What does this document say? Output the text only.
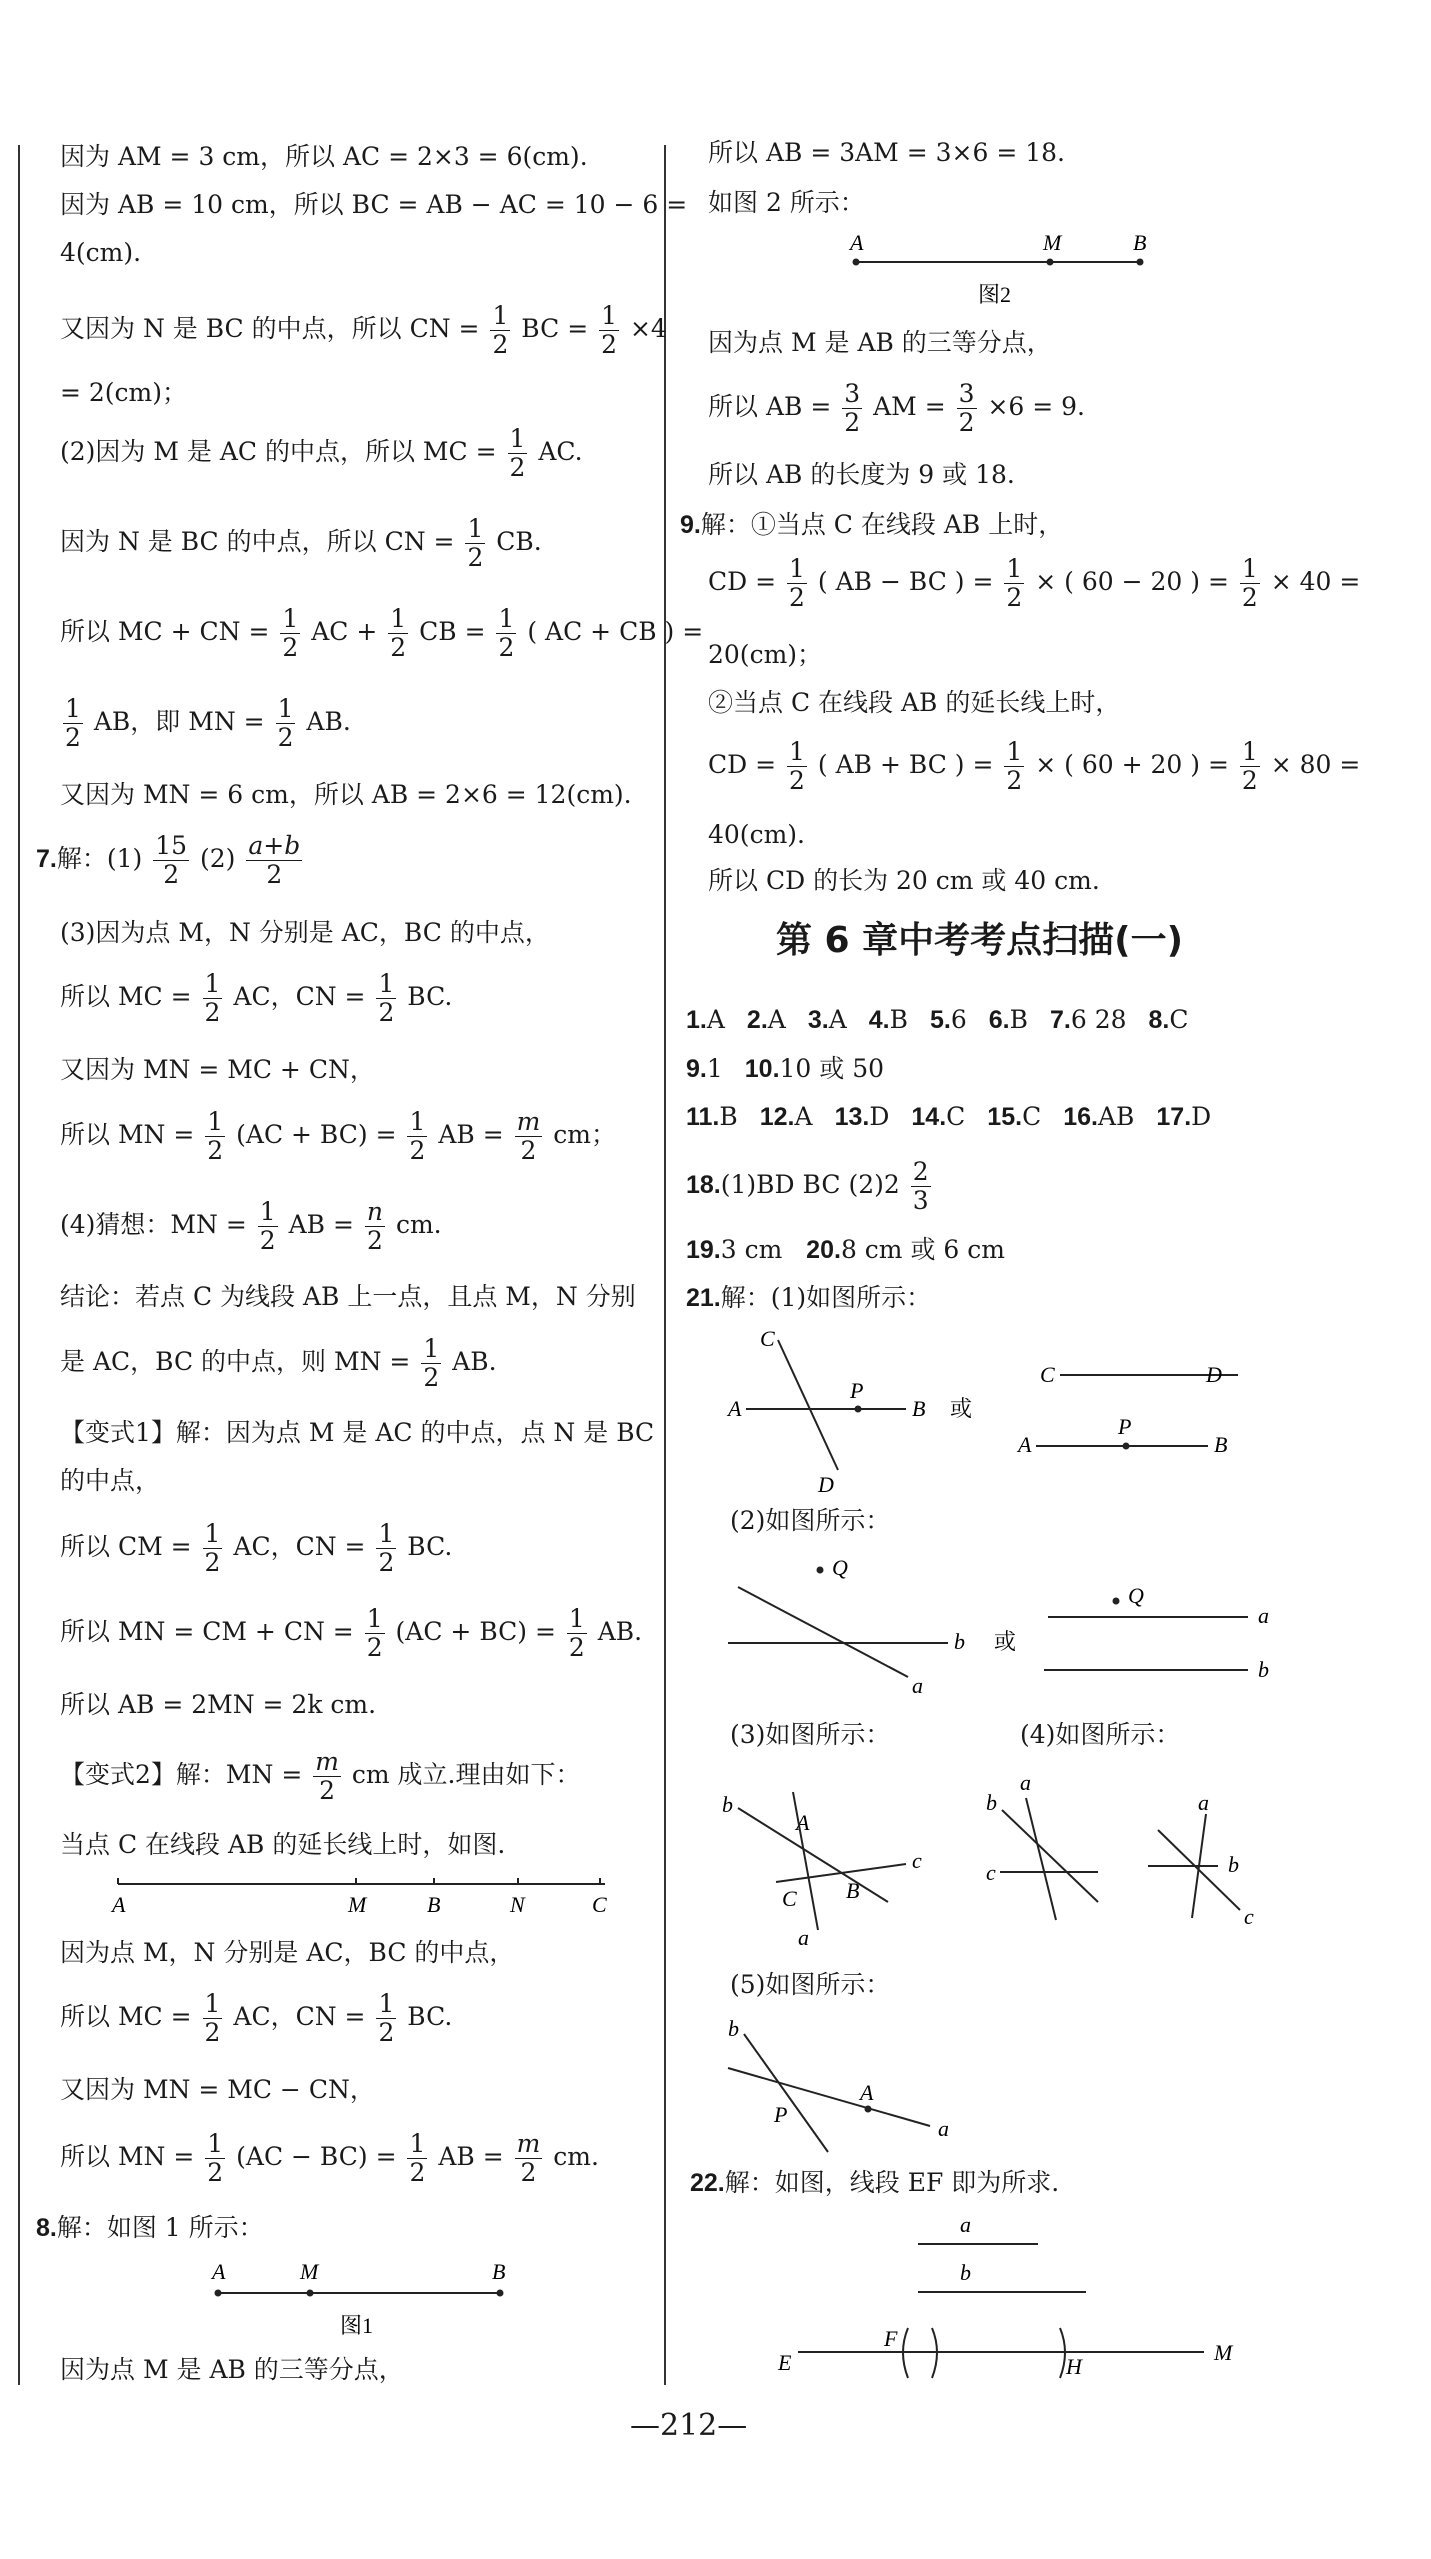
因为 AM = 3 cm，所以 AC = 2×3 = 6(cm).
因为 AB = 10 cm，所以 BC = AB − AC = 10 − 6 =
4(cm).
又因为 N 是 BC 的中点，所以 CN = $\frac{1}{2}$ BC = $\frac{1}{2} \times 4$
= 2(cm)；
(2)因为 M 是 AC 的中点，所以 MC = $\frac{1}{2}$ AC.
因为 N 是 BC 的中点，所以 CN = $\frac{1}{2}$ CB.
所以 MC + CN = $\frac{1}{2}$ AC + $\frac{1}{2}$ CB = $\frac{1}{2}$ ( AC + CB ) =
$\frac{1}{2}$ AB，即 MN = $\frac{1}{2}$ AB.
又因为 MN = 6 cm，所以 AB = 2×6 = 12(cm).
7.解：$(1) \frac{15}{2} (2) \frac{a+b}{2}$
(3)因为点 M，N 分别是 AC，BC 的中点，
所以 MC = $\frac{1}{2}$ AC，CN = $\frac{1}{2}$ BC.
又因为 MN = MC + CN，
所以 MN = $\frac{1}{2} (AC + BC) = \frac{1}{2}$ AB = $\frac{m}{2}$ cm；
(4)猜想：MN = $\frac{1}{2}$ AB = $\frac{n}{2}$ cm.
结论：若点 C 为线段 AB 上一点，且点 M，N 分别
是 AC，BC 的中点，则 MN = $\frac{1}{2}$ AB.
【变式1】解：因为点 M 是 AC 的中点，点 N 是 BC
的中点，
所以 CM = $\frac{1}{2}$ AC，CN = $\frac{1}{2}$ BC.
所以 MN = CM + CN = $\frac{1}{2} (AC + BC) = \frac{1}{2}$ AB.
所以 AB = 2MN = 2k cm.
【变式2】解：MN = $\frac{m}{2}$ cm 成立.理由如下：
当点 C 在线段 AB 的延长线上时，如图.
A	M	B	N	C
因为点 M，N 分别是 AC，BC 的中点，
所以 MC = $\frac{1}{2}$ AC，CN = $\frac{1}{2}$ BC.
又因为 MN = MC − CN，
所以 MN = $\frac{1}{2} (AC - BC) = \frac{1}{2}$ AB = $\frac{m}{2}$ cm.
8.解：如图 1 所示：
A	M	B
图1
因为点 M 是 AB 的三等分点，
所以 AB = 3AM = 3×6 = 18.
如图 2 所示：
A	M	B
图2
因为点 M 是 AB 的三等分点，
所以 AB = $\frac{3}{2}$ AM = $\frac{3}{2} \times 6 = 9$.
所以 AB 的长度为 9 或 18.
9.解：①当点 C 在线段 AB 上时，
CD = $\frac{1}{2}$ ( AB − BC ) = $\frac{1}{2}$ × ( 60 − 20 ) = $\frac{1}{2} \times 40$ =
20(cm)；
②当点 C 在线段 AB 的延长线上时，
CD = $\frac{1}{2}$ ( AB + BC ) = $\frac{1}{2}$ × ( 60 + 20 ) = $\frac{1}{2} \times 80$ =
40(cm).
所以 CD 的长为 20 cm 或 40 cm.
第 6 章中考考点扫描(一)
1.A 2.A 3.A 4.B 5.6 6.B 7.6 28 8.C
9.1 10.10 或 50
11.B 12.A 13.D 14.C 15.C 16.AB 17.D
18.(1)BD BC $(2)2 \frac{2}{3}$
19.3 cm 20.8 cm 或 6 cm
21.解：(1)如图所示：
C
D
A
P
B 或
C	D
A
P
B
(2)如图所示：
Q
a
b 或
Q
a
b
(3)如图所示：	(4)如图所示：
b
A
a
c
C B
a
b
c
a
b
c
(5)如图所示：
b
A
a
P
22.解：如图，线段 EF 即为所求.
a
b
E
F
H
M
—212—
